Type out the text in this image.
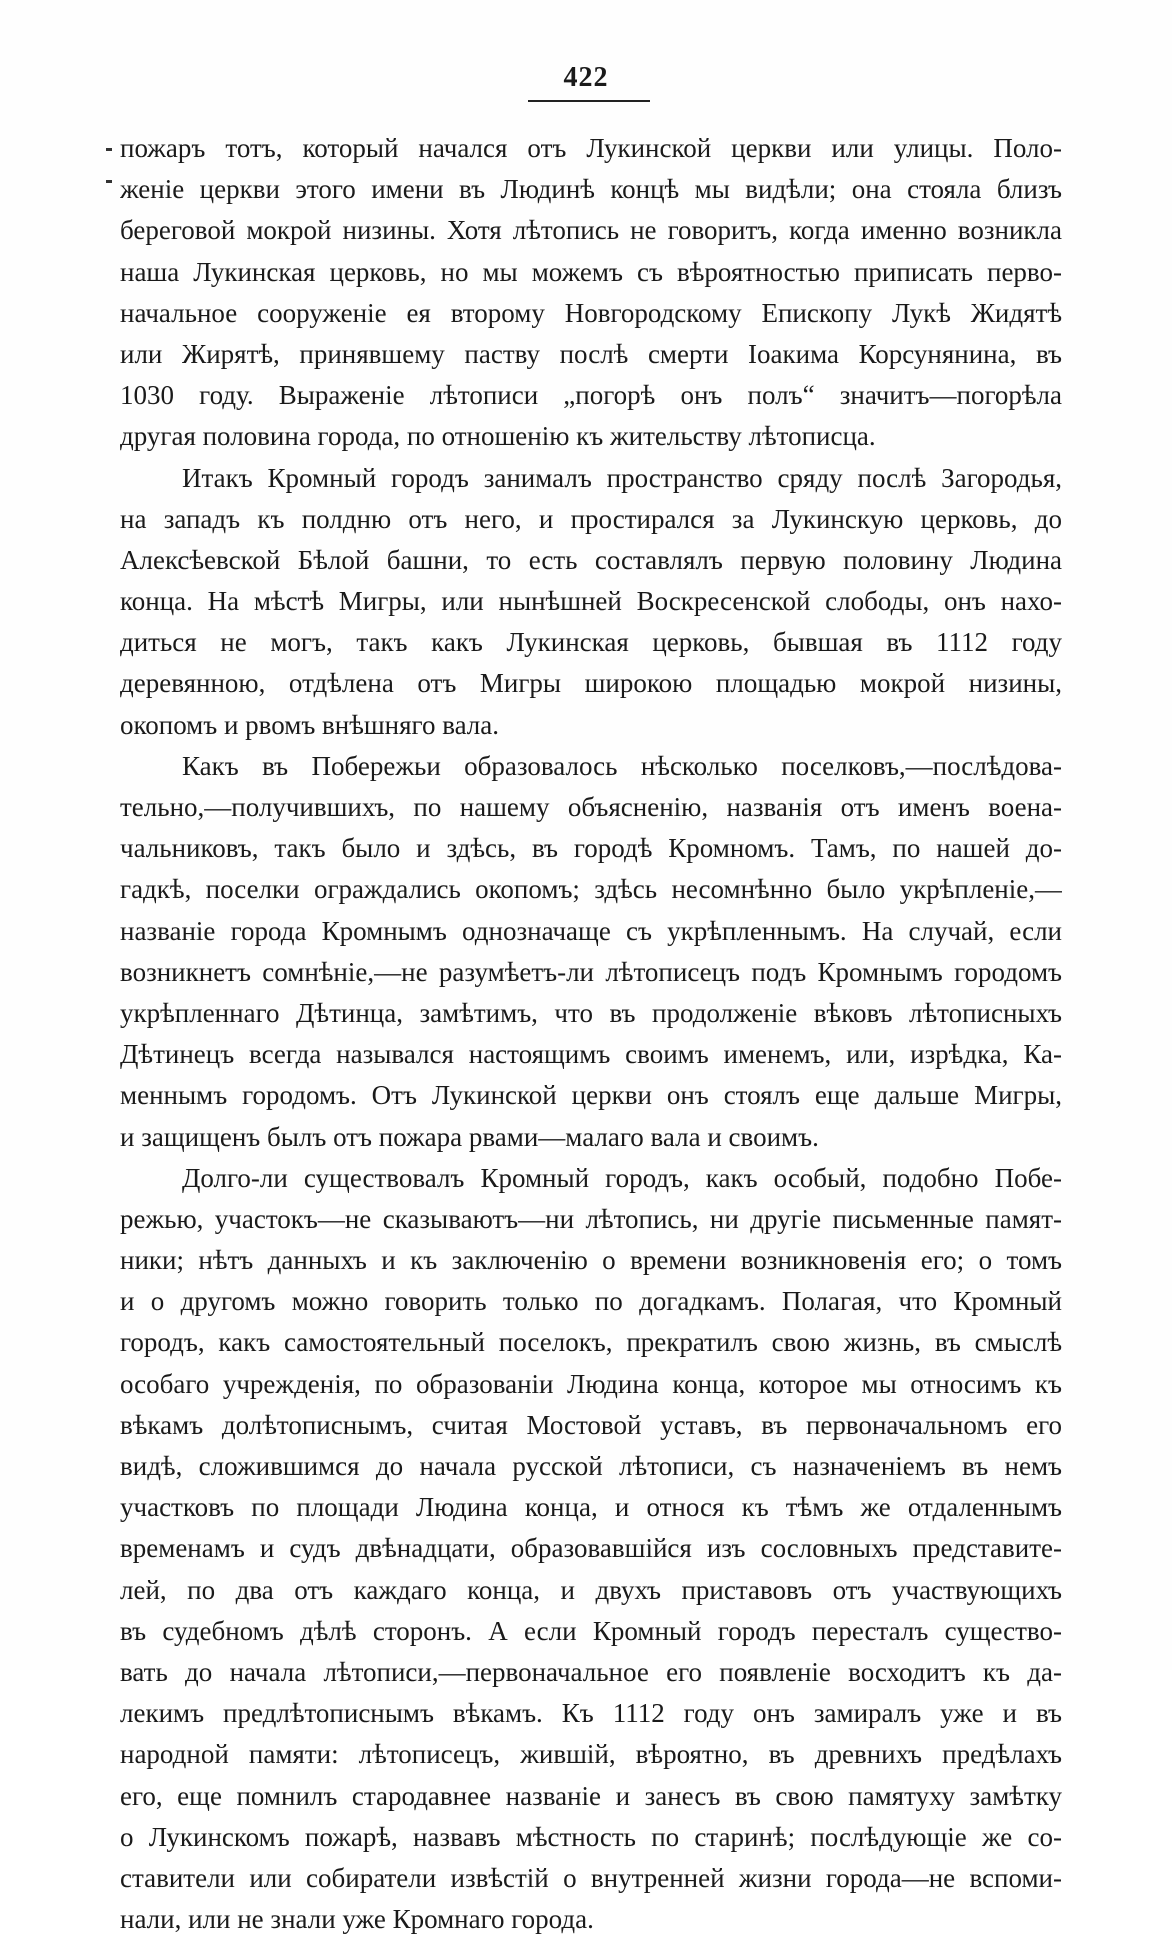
422
пожаръ тотъ, который начался отъ Лукинской церкви или улицы. Поло-
женіе церкви этого имени въ Людинѣ концѣ мы видѣли; она стояла близъ
береговой мокрой низины. Хотя лѣтопись не говоритъ, когда именно возникла
наша Лукинская церковь, но мы можемъ съ вѣроятностью приписать перво-
начальное сооруженіе ея второму Новгородскому Епископу Лукѣ Жидятѣ
или Жирятѣ, принявшему паству послѣ смерти Іоакима Корсунянина, въ
1030 году. Выраженіе лѣтописи „погорѣ онъ полъ“ значитъ—погорѣла
другая половина города, по отношенію къ жительству лѣтописца.
Итакъ Кромный городъ занималъ пространство сряду послѣ Загородья,
на западъ къ полдню отъ него, и простирался за Лукинскую церковь, до
Алексѣевской Бѣлой башни, то есть составлялъ первую половину Людина
конца. На мѣстѣ Мигры, или нынѣшней Воскресенской слободы, онъ нахо-
диться не могъ, такъ какъ Лукинская церковь, бывшая въ 1112 году
деревянною, отдѣлена отъ Мигры широкою площадью мокрой низины,
окопомъ и рвомъ внѣшняго вала.
Какъ въ Побережьи образовалось нѣсколько поселковъ,—послѣдова-
тельно,—получившихъ, по нашему объясненію, названія отъ именъ воена-
чальниковъ, такъ было и здѣсь, въ городѣ Кромномъ. Тамъ, по нашей до-
гадкѣ, поселки ограждались окопомъ; здѣсь несомнѣнно было укрѣпленіе,—
названіе города Кромнымъ однозначаще съ укрѣпленнымъ. На случай, если
возникнетъ сомнѣніе,—не разумѣетъ-ли лѣтописецъ подъ Кромнымъ городомъ
укрѣпленнаго Дѣтинца, замѣтимъ, что въ продолженіе вѣковъ лѣтописныхъ
Дѣтинецъ всегда назывался настоящимъ своимъ именемъ, или, изрѣдка, Ка-
меннымъ городомъ. Отъ Лукинской церкви онъ стоялъ еще дальше Мигры,
и защищенъ былъ отъ пожара рвами—малаго вала и своимъ.
Долго-ли существовалъ Кромный городъ, какъ особый, подобно Побе-
режью, участокъ—не сказываютъ—ни лѣтопись, ни другіе письменные памят-
ники; нѣтъ данныхъ и къ заключенію о времени возникновенія его; о томъ
и о другомъ можно говорить только по догадкамъ. Полагая, что Кромный
городъ, какъ самостоятельный поселокъ, прекратилъ свою жизнь, въ смыслѣ
особаго учрежденія, по образованіи Людина конца, которое мы относимъ къ
вѣкамъ долѣтописнымъ, считая Мостовой уставъ, въ первоначальномъ его
видѣ, сложившимся до начала русской лѣтописи, съ назначеніемъ въ немъ
участковъ по площади Людина конца, и относя къ тѣмъ же отдаленнымъ
временамъ и судъ двѣнадцати, образовавшійся изъ сословныхъ представите-
лей, по два отъ каждаго конца, и двухъ приставовъ отъ участвующихъ
въ судебномъ дѣлѣ сторонъ. А если Кромный городъ пересталъ существо-
вать до начала лѣтописи,—первоначальное его появленіе восходитъ къ да-
лекимъ предлѣтописнымъ вѣкамъ. Къ 1112 году онъ замиралъ уже и въ
народной памяти: лѣтописецъ, жившій, вѣроятно, въ древнихъ предѣлахъ
его, еще помнилъ стародавнее названіе и занесъ въ свою памятуху замѣтку
о Лукинскомъ пожарѣ, назвавъ мѣстность по старинѣ; послѣдующіе же со-
ставители или собиратели извѣстій о внутренней жизни города—не вспоми-
нали, или не знали уже Кромнаго города.
